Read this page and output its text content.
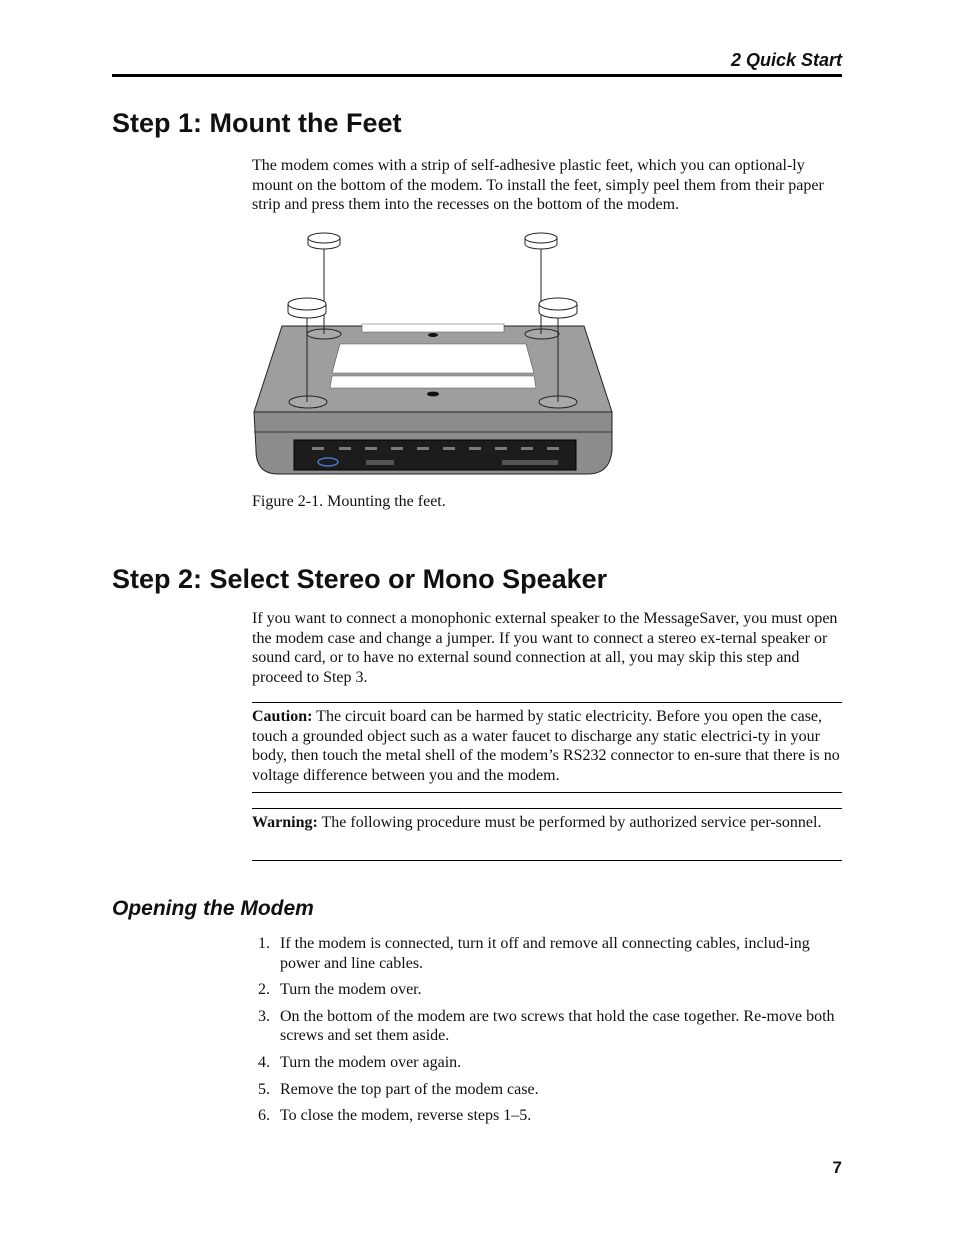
2 Quick Start
Step 1: Mount the Feet

The modem comes with a strip of self-adhesive plastic feet, which you can optional-ly mount on the bottom of the modem. To install the feet, simply peel them from their paper strip and press them into the recesses on the bottom of the modem.

Figure 2-1. Mounting the feet.
Step 2: Select Stereo or Mono Speaker

If you want to connect a monophonic external speaker to the MessageSaver, you must open the modem case and change a jumper. If you want to connect a stereo ex-ternal speaker or sound card, or to have no external sound connection at all, you may skip this step and proceed to Step 3.

Caution: The circuit board can be harmed by static electricity. Before you open the case, touch a grounded object such as a water faucet to discharge any static electrici-ty in your body, then touch the metal shell of the modem’s RS232 connector to en-sure that there is no voltage difference between you and the modem.

Warning: The following procedure must be performed by authorized service per-sonnel.

Opening the Modem
1. If the modem is connected, turn it off and remove all connecting cables, includ-ing power and line cables.
2. Turn the modem over.
3. On the bottom of the modem are two screws that hold the case together. Re-move both screws and set them aside.
4. Turn the modem over again.
5. Remove the top part of the modem case.
6. To close the modem, reverse steps 1–5.
7
